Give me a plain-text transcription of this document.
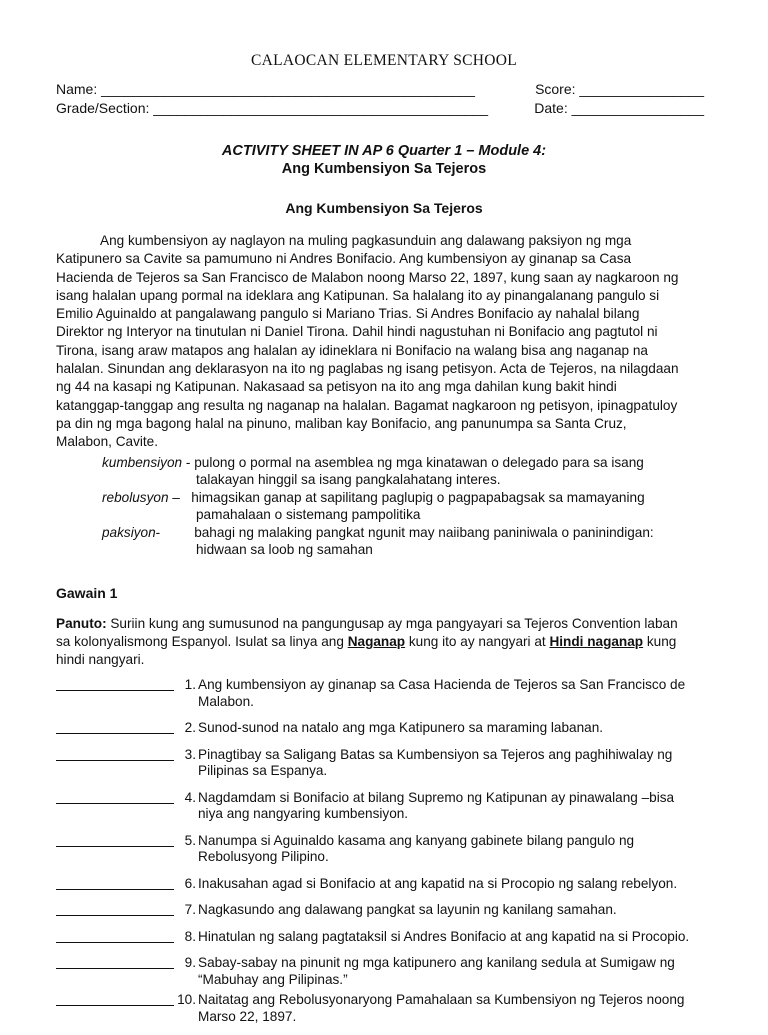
CALAOCAN ELEMENTARY SCHOOL
Name: ________________________________________________	Score: ________________
Grade/Section: ___________________________________________	Date: _________________
ACTIVITY SHEET IN AP 6 Quarter 1 – Module 4:
Ang Kumbensiyon Sa Tejeros
Ang Kumbensiyon Sa Tejeros
Ang kumbensiyon ay naglayon na muling pagkasunduin ang dalawang paksiyon ng mga
Katipunero sa Cavite sa pamumuno ni Andres Bonifacio. Ang kumbensiyon ay ginanap sa Casa
Hacienda de Tejeros sa San Francisco de Malabon noong Marso 22, 1897, kung saan ay nagkaroon ng
isang halalan upang pormal na ideklara ang Katipunan. Sa halalang ito ay pinangalanang pangulo si
Emilio Aguinaldo at pangalawang pangulo si Mariano Trias. Si Andres Bonifacio ay nahalal bilang
Direktor ng Interyor na tinutulan ni Daniel Tirona. Dahil hindi nagustuhan ni Bonifacio ang pagtutol ni
Tirona, isang araw matapos ang halalan ay idineklara ni Bonifacio na walang bisa ang naganap na
halalan. Sinundan ang deklarasyon na ito ng paglabas ng isang petisyon. Acta de Tejeros, na nilagdaan
ng 44 na kasapi ng Katipunan. Nakasaad sa petisyon na ito ang mga dahilan kung bakit hindi
katanggap-tanggap ang resulta ng naganap na halalan. Bagamat nagkaroon ng petisyon, ipinagpatuloy
pa din ng mga bagong halal na pinuno, maliban kay Bonifacio, ang panunumpa sa Santa Cruz,
Malabon, Cavite.
kumbensiyon - pulong o pormal na asemblea ng mga kinatawan o delegado para sa isang
talakayan hinggil sa isang pangkalahatang interes.
rebolusyon – himagsikan ganap at sapilitang paglupig o pagpapabagsak sa mamayaning
pamahalaan o sistemang pampolitika
paksiyon - bahagi ng malaking pangkat ngunit may naiibang paniniwala o paninindigan:
hidwaan sa loob ng samahan
Gawain 1
Panuto: Suriin kung ang sumusunod na pangungusap ay mga pangyayari sa Tejeros Convention laban
sa kolonyalismong Espanyol. Isulat sa linya ang Naganap kung ito ay nangyari at Hindi naganap kung
hindi nangyari.
1. Ang kumbensiyon ay ginanap sa Casa Hacienda de Tejeros sa San Francisco de
Malabon.
2. Sunod-sunod na natalo ang mga Katipunero sa maraming labanan.
3. Pinagtibay sa Saligang Batas sa Kumbensiyon sa Tejeros ang paghihiwalay ng
Pilipinas sa Espanya.
4. Nagdamdam si Bonifacio at bilang Supremo ng Katipunan ay pinawalang –bisa
niya ang nangyaring kumbensiyon.
5. Nanumpa si Aguinaldo kasama ang kanyang gabinete bilang pangulo ng
Rebolusyong Pilipino.
6. Inakusahan agad si Bonifacio at ang kapatid na si Procopio ng salang rebelyon.
7. Nagkasundo ang dalawang pangkat sa layunin ng kanilang samahan.
8. Hinatulan ng salang pagtataksil si Andres Bonifacio at ang kapatid na si Procopio.
9. Sabay-sabay na pinunit ng mga katipunero ang kanilang sedula at Sumigaw ng
“Mabuhay ang Pilipinas.”
10. Naitatag ang Rebolusyonaryong Pamahalaan sa Kumbensiyon ng Tejeros noong
Marso 22, 1897.
